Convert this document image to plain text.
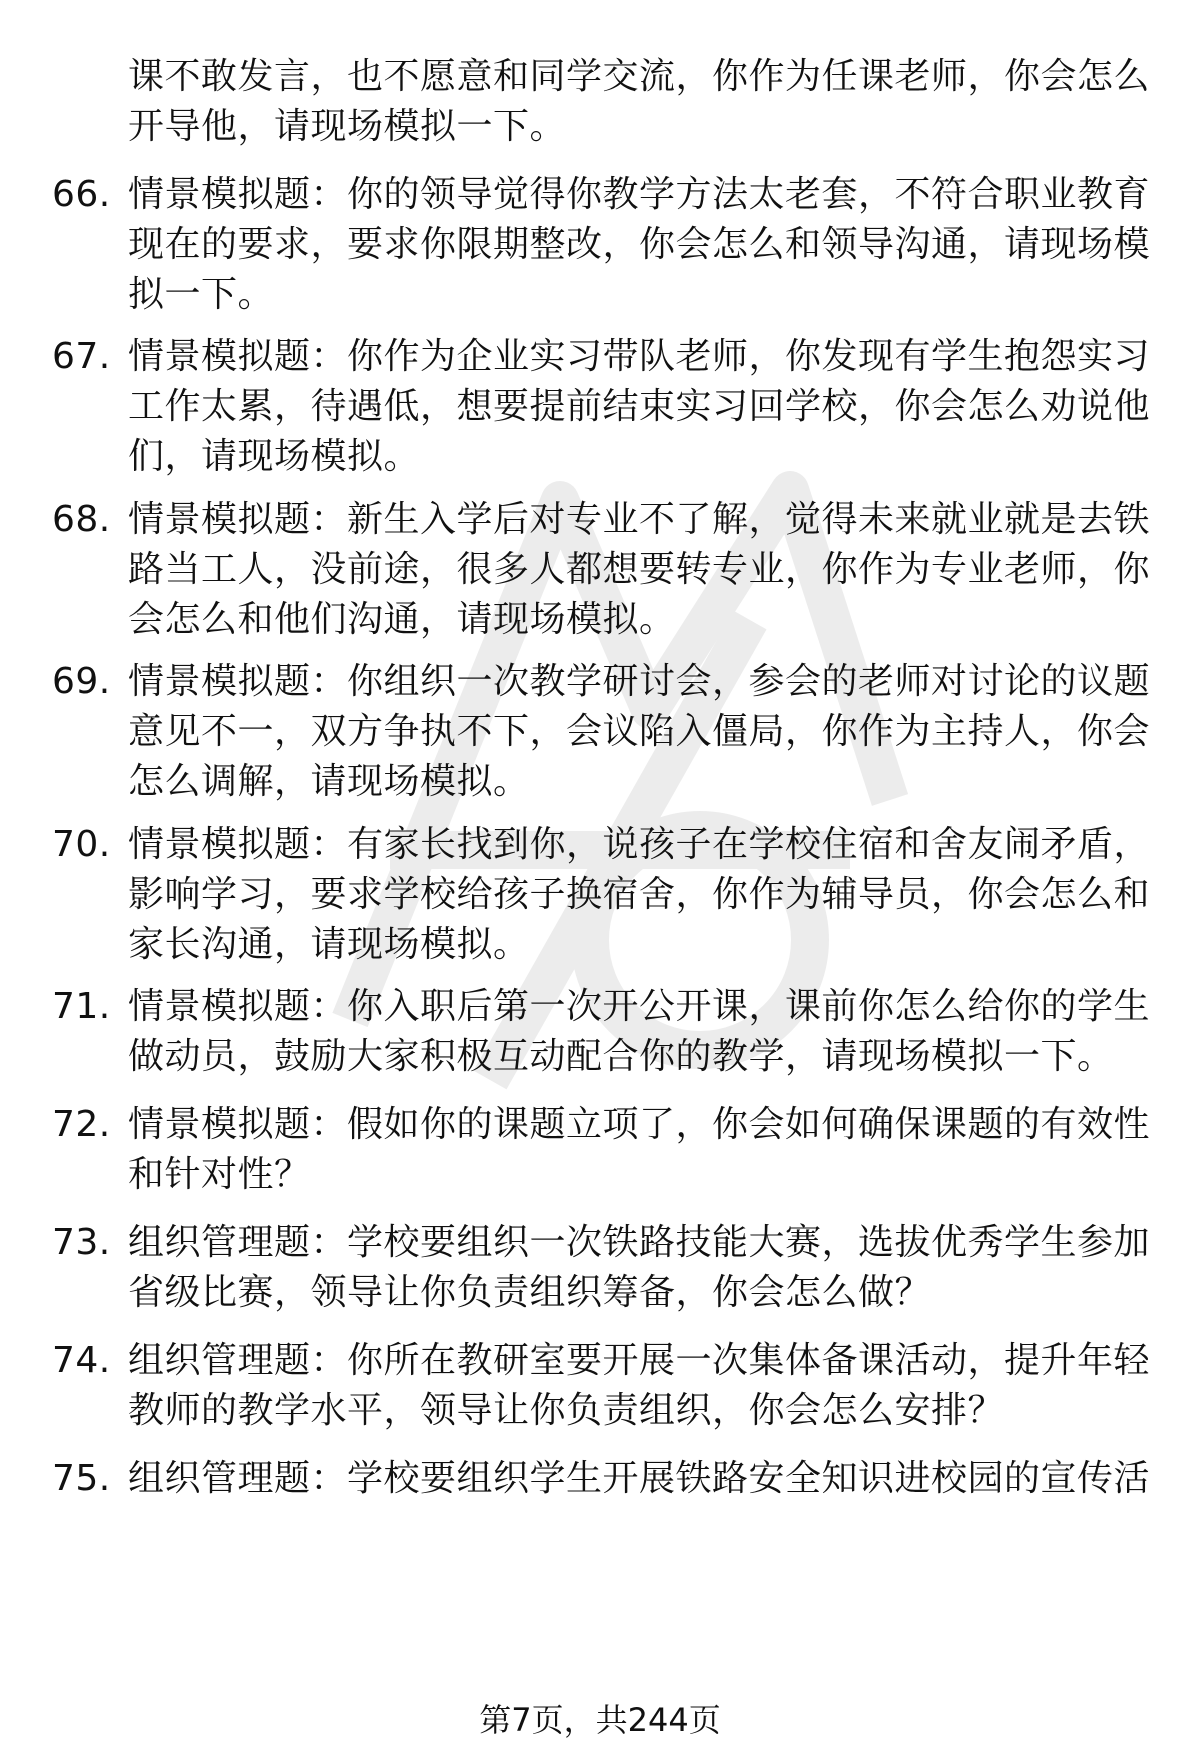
课不敢发言，也不愿意和同学交流，你作为任课老师，你会怎么
开导他，请现场模拟一下。
66. 情景模拟题：你的领导觉得你教学方法太老套，不符合职业教育
现在的要求，要求你限期整改，你会怎么和领导沟通，请现场模
拟一下。
67. 情景模拟题：你作为企业实习带队老师，你发现有学生抱怨实习
工作太累，待遇低，想要提前结束实习回学校，你会怎么劝说他
们，请现场模拟。
68. 情景模拟题：新生入学后对专业不了解，觉得未来就业就是去铁
路当工人，没前途，很多人都想要转专业，你作为专业老师，你
会怎么和他们沟通，请现场模拟。
69. 情景模拟题：你组织一次教学研讨会，参会的老师对讨论的议题
意见不一，双方争执不下，会议陷入僵局，你作为主持人，你会
怎么调解，请现场模拟。
70. 情景模拟题：有家长找到你，说孩子在学校住宿和舍友闹矛盾，
影响学习，要求学校给孩子换宿舍，你作为辅导员，你会怎么和
家长沟通，请现场模拟。
71. 情景模拟题：你入职后第一次开公开课，课前你怎么给你的学生
做动员，鼓励大家积极互动配合你的教学，请现场模拟一下。
72. 情景模拟题：假如你的课题立项了，你会如何确保课题的有效性
和针对性？
73. 组织管理题：学校要组织一次铁路技能大赛，选拔优秀学生参加
省级比赛，领导让你负责组织筹备，你会怎么做？
74. 组织管理题：你所在教研室要开展一次集体备课活动，提升年轻
教师的教学水平，领导让你负责组织，你会怎么安排？
75. 组织管理题：学校要组织学生开展铁路安全知识进校园的宣传活
第7页，共244页
